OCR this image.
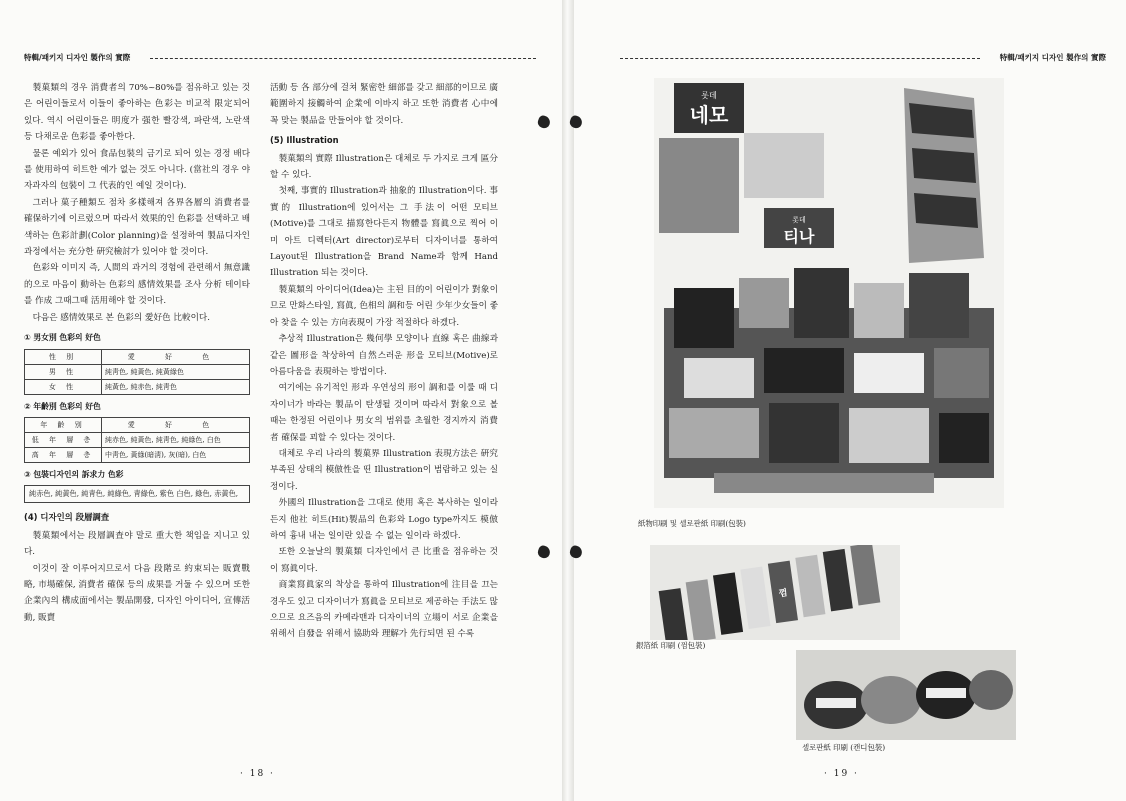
特輯/패키지 디자인 製作의 實際

製菓類의 경우 消費者의 70%~80%를 점유하고 있는 것은 어린이들로서 이들이 좋아하는 色彩는 비교적 限定되어 있다. 역시 어린이들은 明度가 强한 빨강색, 파란색, 노란색 등 다채로운 色彩를 좋아한다.

물론 예외가 있어 食品包裝의 금기로 되어 있는 경정 배다를 使用하여 히트한 예가 없는 것도 아니다. (當社의 경우 야자과자의 包裝이 그 代表的인 예일 것이다).

그러나 菓子種類도 점차 多樣해져 各界各層의 消費者를 確保하기에 이르렀으며 따라서 效果的인 色彩를 선택하고 배색하는 色彩計劃(Color planning)을 설정하여 製品디자인 과정에서는 充分한 硏究檢討가 있어야 할 것이다.

色彩와 이미지 즉, 人間의 과거의 경험에 관련해서 無意識的으로 마음이 動하는 色彩의 感情效果를 조사 分析 테이타를 作成 그때그때 活用해야 할 것이다.

다음은 感情效果로 본 色彩의 愛好色 比較이다.

① 男女別 色彩의 好色
性 別	愛 好 色
男 性	純靑色, 純黃色, 純黃綠色
女 性	純黃色, 純赤色, 純靑色
② 年齡別 色彩의 好色
年 齡 別	愛 好 色
低 年 層 층	純赤色, 純黃色, 純靑色, 純綠色, 白色
高 年 層 층	中靑色, 黃綠(暗淸), 灰(暗), 白色
③ 包裝디자인의 訴求力 色彩
純赤色, 純黃色, 純靑色, 純綠色, 靑綠色, 紫色 白色, 綠色, 赤黃色,
(4) 디자인의 段層調査

製菓類에서는 段層調査야 말로 重大한 책임을 지니고 있다.

이것이 잘 이루어지므로서 다음 段階로 約束되는 販賣戰略, 市場確保, 消費者 確保 등의 成果를 거둘 수 있으며 또한 企業內의 構成面에서는 製品開發, 디자인 아이디어, 宣傳活動, 販賣

活動 등 各 部分에 걸쳐 緊密한 細部를 갖고 細部的이므로 廣範圍하지 接觸하여 企業에 이바지 하고 또한 消費者 心中에 꼭 맞는 製品을 만들어야 할 것이다.

(5) Illustration

製菓類의 實際 Illustration은 대체로 두 가지로 크게 區分할 수 있다.

첫째, 事實的 Illustration과 抽象的 Illustration이다. 事實的 Illustration에 있어서는 그 手法이 어떤 모티브(Motive)를 그대로 描寫한다든지 物體를 寫眞으로 찍어 이미 아트 디렉터(Art director)로부터 디자이너를 통하여 Layout된 Illustration을 Brand Name과 함께 Hand Illustration 되는 것이다.

製菓類의 아이디어(Idea)는 主된 目的이 어린이가 對象이므로 만화스타일, 寫眞, 色相의 調和등 어린 少年少女들이 좋아 찾을 수 있는 方向表現이 가장 적절하다 하겠다.

추상적 Illustration은 幾何學 모양이나 直線 혹은 曲線과 같은 圖形을 착상하여 自然스러운 形을 모티브(Motive)로 아름다움을 表現하는 방법이다.

여기에는 유기적인 形과 우연성의 形이 調和를 이룰 때 디자이너가 바라는 製品이 탄생될 것이며 따라서 對象으로 볼 때는 한정된 어린이나 男女의 범위를 초월한 경지까지 消費者 確保를 꾀할 수 있다는 것이다.

대체로 우리 나라의 製菓界 Illustration 表現方法은 硏究부족된 상태의 模倣性을 띤 Illustration이 범람하고 있는 실정이다.

外國의 Illustration을 그대로 使用 혹은 복사하는 일이라든지 他社 히트(Hit)製品의 色彩와 Logo type까지도 模倣하여 흉내 내는 일이란 있을 수 없는 일이라 하겠다.

또한 오늘날의 製菓類 디자인에서 큰 比重을 점유하는 것이 寫眞이다.

商業寫眞家의 착상을 통하여 Illustration에 注目을 끄는 경우도 있고 디자이너가 寫眞을 모티브로 제공하는 手法도 많으므로 요즈음의 카메라맨과 디자이너의 立場이 서로 企業을 위해서 自發을 위해서 協助와 理解가 先行되면 된 수록

· 18 ·
特輯/패키지 디자인 製作의 實際
롯데
네모
롯데
티나
紙物印刷 및 셀로판紙 印刷(包裝)
껌
銀箔紙 印刷 (껌包裝)
셀로판紙 印刷 (캔디包裝)
· 19 ·
